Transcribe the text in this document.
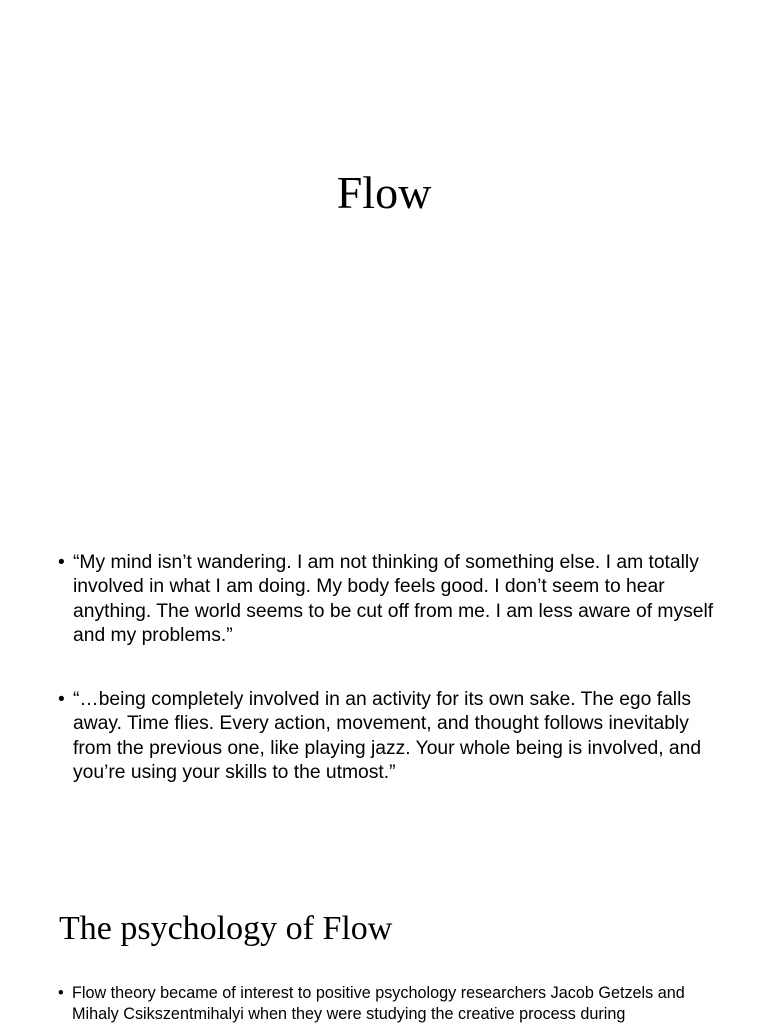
Flow
• “My mind isn’t wandering. I am not thinking of something else. I am totally involved in what I am doing. My body feels good. I don’t seem to hear anything. The world seems to be cut off from me. I am less aware of myself and my problems.”
• “…being completely involved in an activity for its own sake. The ego falls away. Time flies. Every action, movement, and thought follows inevitably from the previous one, like playing jazz. Your whole being is involved, and you’re using your skills to the utmost.”
The psychology of Flow
• Flow theory became of interest to positive psychology researchers Jacob Getzels and Mihaly Csikszentmihalyi when they were studying the creative process during
